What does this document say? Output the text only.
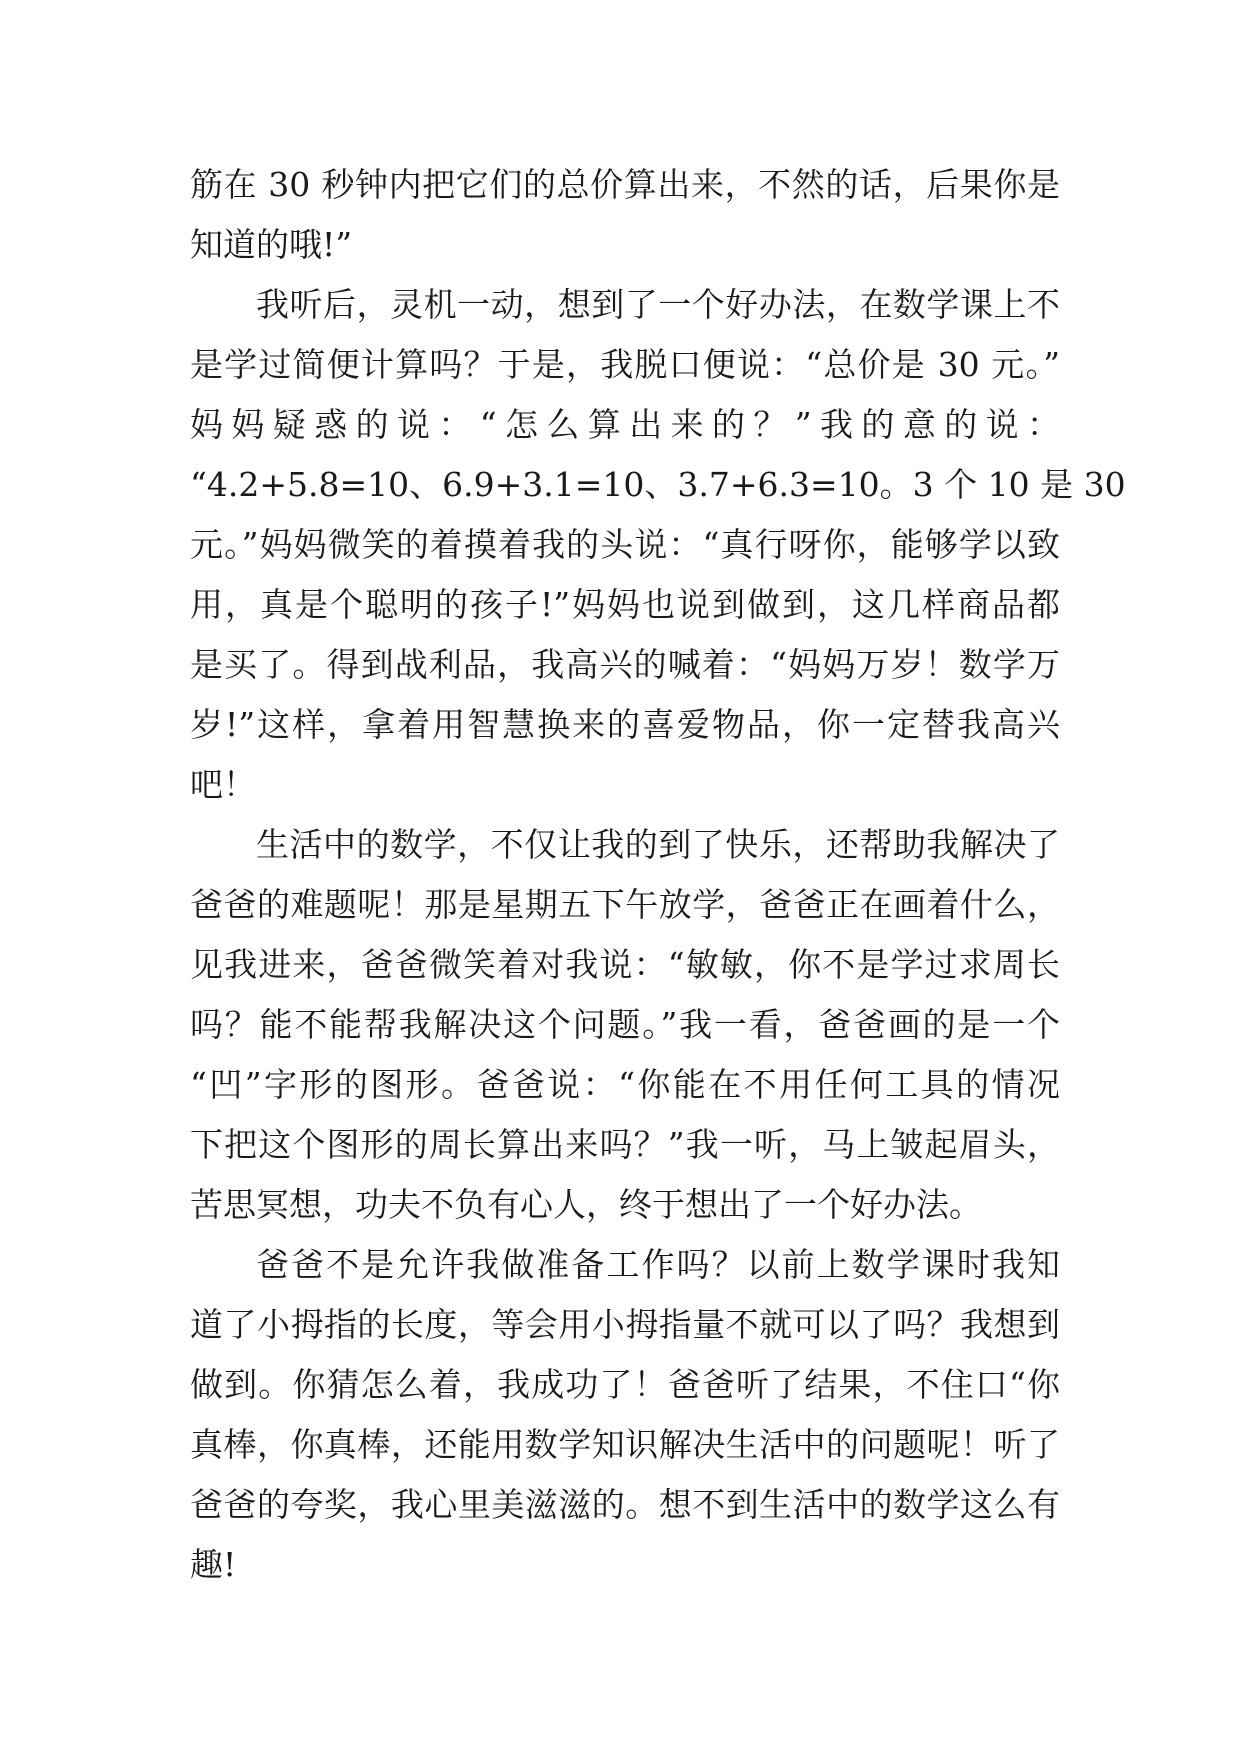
筋在 30 秒钟内把它们的总价算出来，不然的话，后果你是
知道的哦!”
我听后，灵机一动，想到了一个好办法，在数学课上不
是学过简便计算吗？于是，我脱口便说：“总价是 30 元。”
妈妈疑惑的说：“怎么算出来的？”我的意的说：
“4.2+5.8=10、6.9+3.1=10、3.7+6.3=10。3 个 10 是 30
元。”妈妈微笑的着摸着我的头说：“真行呀你，能够学以致
用，真是个聪明的孩子!”妈妈也说到做到，这几样商品都
是买了。得到战利品，我高兴的喊着：“妈妈万岁！数学万
岁!”这样，拿着用智慧换来的喜爱物品，你一定替我高兴
吧！
生活中的数学，不仅让我的到了快乐，还帮助我解决了
爸爸的难题呢！那是星期五下午放学，爸爸正在画着什么，
见我进来，爸爸微笑着对我说：“敏敏，你不是学过求周长
吗？能不能帮我解决这个问题。”我一看，爸爸画的是一个
“凹”字形的图形。爸爸说：“你能在不用任何工具的情况
下把这个图形的周长算出来吗？”我一听，马上皱起眉头，
苦思冥想，功夫不负有心人，终于想出了一个好办法。
爸爸不是允许我做准备工作吗？以前上数学课时我知
道了小拇指的长度，等会用小拇指量不就可以了吗？我想到
做到。你猜怎么着，我成功了！爸爸听了结果，不住口“你
真棒，你真棒，还能用数学知识解决生活中的问题呢！听了
爸爸的夸奖，我心里美滋滋的。想不到生活中的数学这么有
趣!
